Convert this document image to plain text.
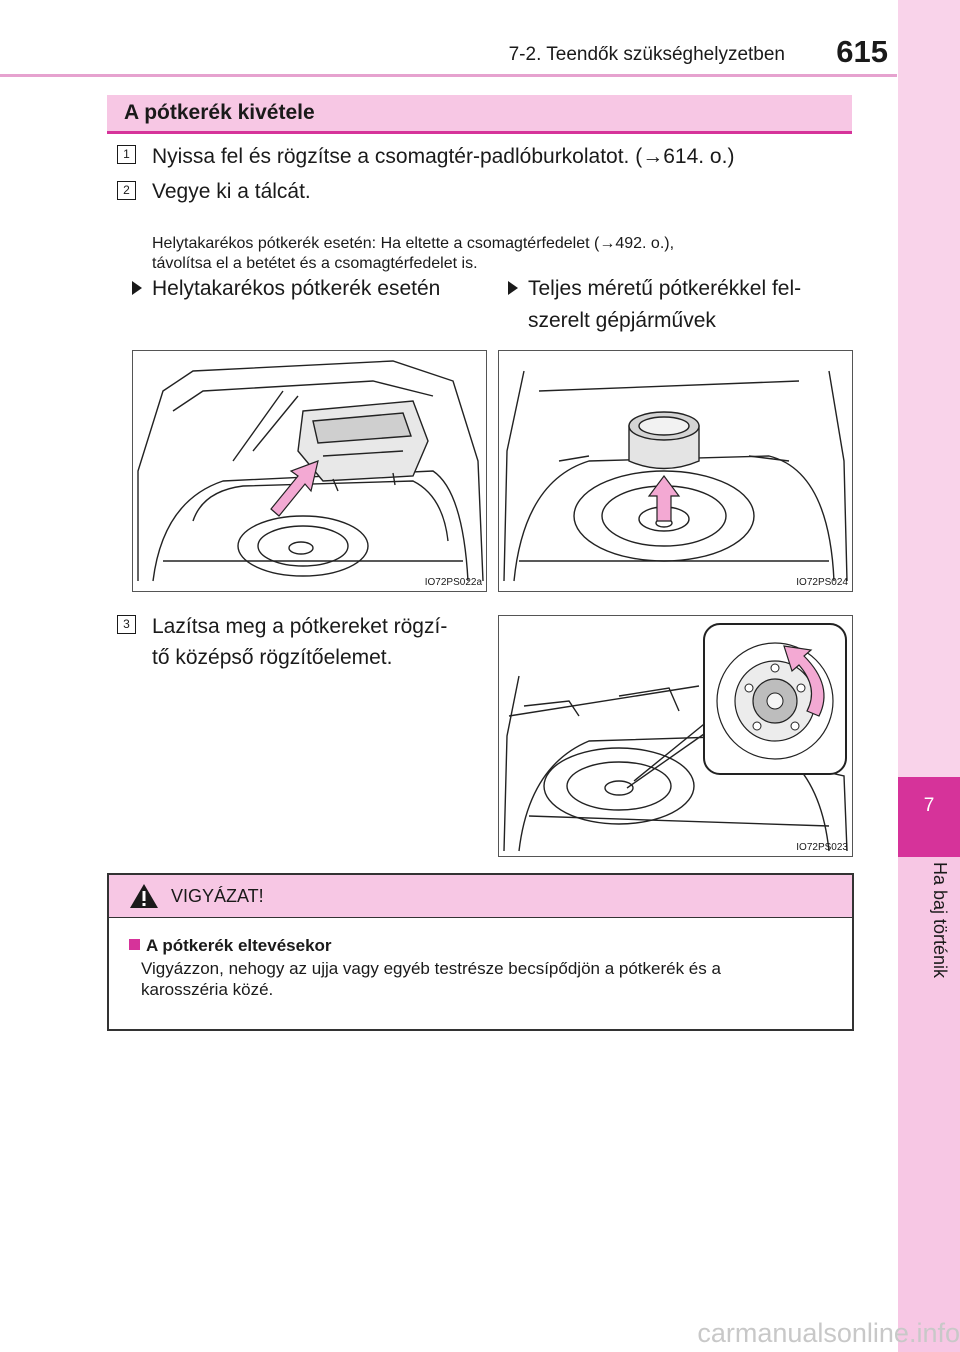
7-2. Teendők szükséghelyzetben	615
7
Ha baj történik
A pótkerék kivétele
1 Nyissa fel és rögzítse a csomagtér-padlóburkolatot. (→614. o.)
2 Vegye ki a tálcát.
Helytakarékos pótkerék esetén: Ha eltette a csomagtérfedelet (→492. o.),
távolítsa el a betétet és a csomagtérfedelet is.
Helytakarékos pótkerék esetén	Teljes méretű pótkerékkel fel-
szerelt gépjárművek
IO72PS022a	IO72PS024
3 Lazítsa meg a pótkereket rögzí-
tő középső rögzítőelemet.
IO72PS023
VIGYÁZAT!
A pótkerék eltevésekor
Vigyázzon, nehogy az ujja vagy egyéb testrésze becsípődjön a pótkerék és a
karosszéria közé.
carmanualsonline.info
